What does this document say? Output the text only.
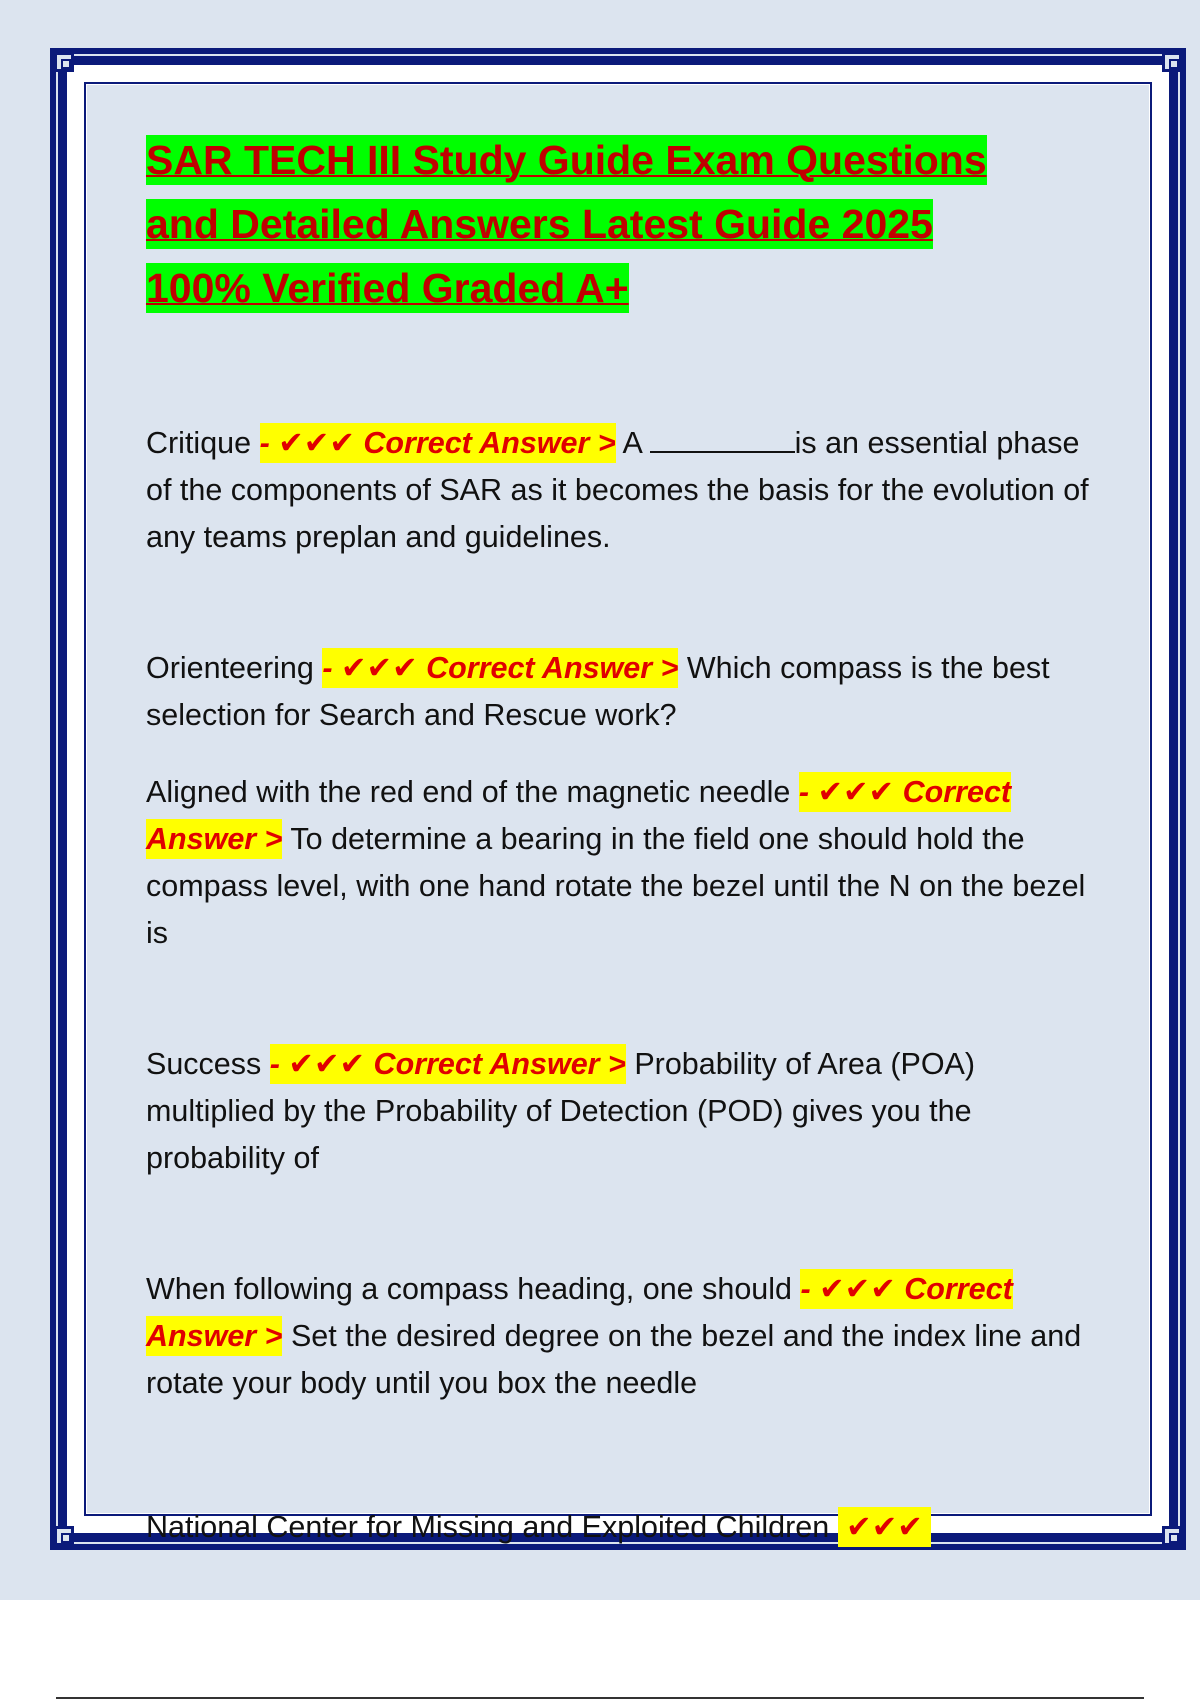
SAR TECH III Study Guide Exam Questions
and Detailed Answers Latest Guide 2025
100% Verified Graded A+

Critique - ✔✔✔ Correct Answer > A	is an essential phase of the components of SAR as it becomes the basis for the evolution of any teams preplan and guidelines.

Orienteering - ✔✔✔ Correct Answer > Which compass is the best selection for Search and Rescue work?

Aligned with the red end of the magnetic needle - ✔✔✔ Correct Answer > To determine a bearing in the field one should hold the compass level, with one hand rotate the bezel until the N on the bezel is

Success - ✔✔✔ Correct Answer > Probability of Area (POA) multiplied by the Probability of Detection (POD) gives you the probability of

When following a compass heading, one should - ✔✔✔ Correct Answer > Set the desired degree on the bezel and the index line and rotate your body until you box the needle

National Center for Missing and Exploited Children  ✔✔✔
